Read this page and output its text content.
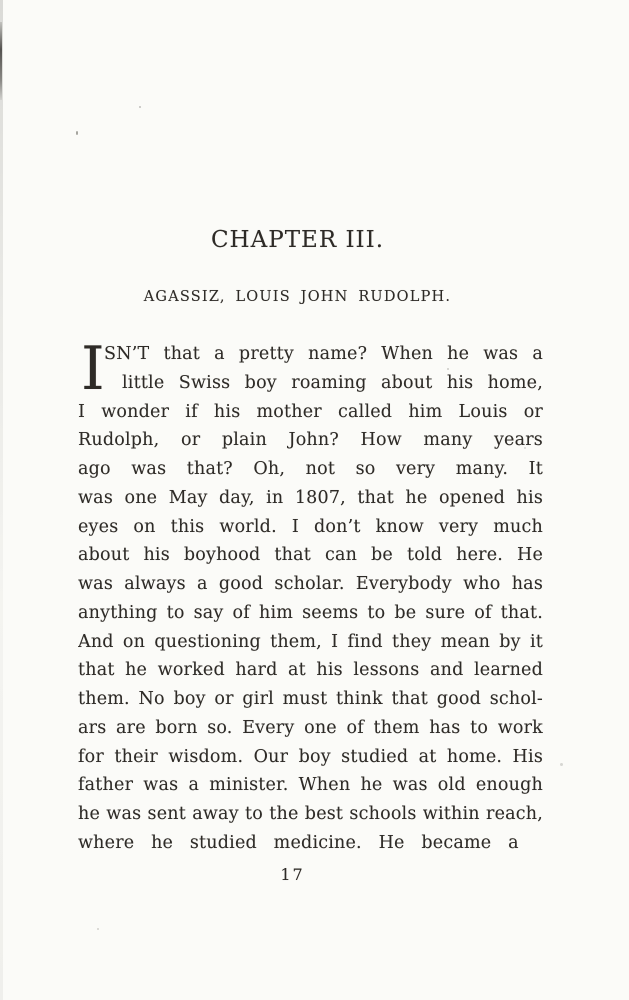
CHAPTER III.
AGASSIZ, LOUIS JOHN RUDOLPH.
I SN’T that a pretty name? When he was a
little Swiss boy roaming about his home,
I wonder if his mother called him Louis or
Rudolph, or plain John? How many years
ago was that? Oh, not so very many. It
was one May day, in 1807, that he opened his
eyes on this world. I don’t know very much
about his boyhood that can be told here. He
was always a good scholar. Everybody who has
anything to say of him seems to be sure of that.
And on questioning them, I find they mean by it
that he worked hard at his lessons and learned
them. No boy or girl must think that good schol-
ars are born so. Every one of them has to work
for their wisdom. Our boy studied at home. His
father was a minister. When he was old enough
he was sent away to the best schools within reach,
where he studied medicine. He became a
17
